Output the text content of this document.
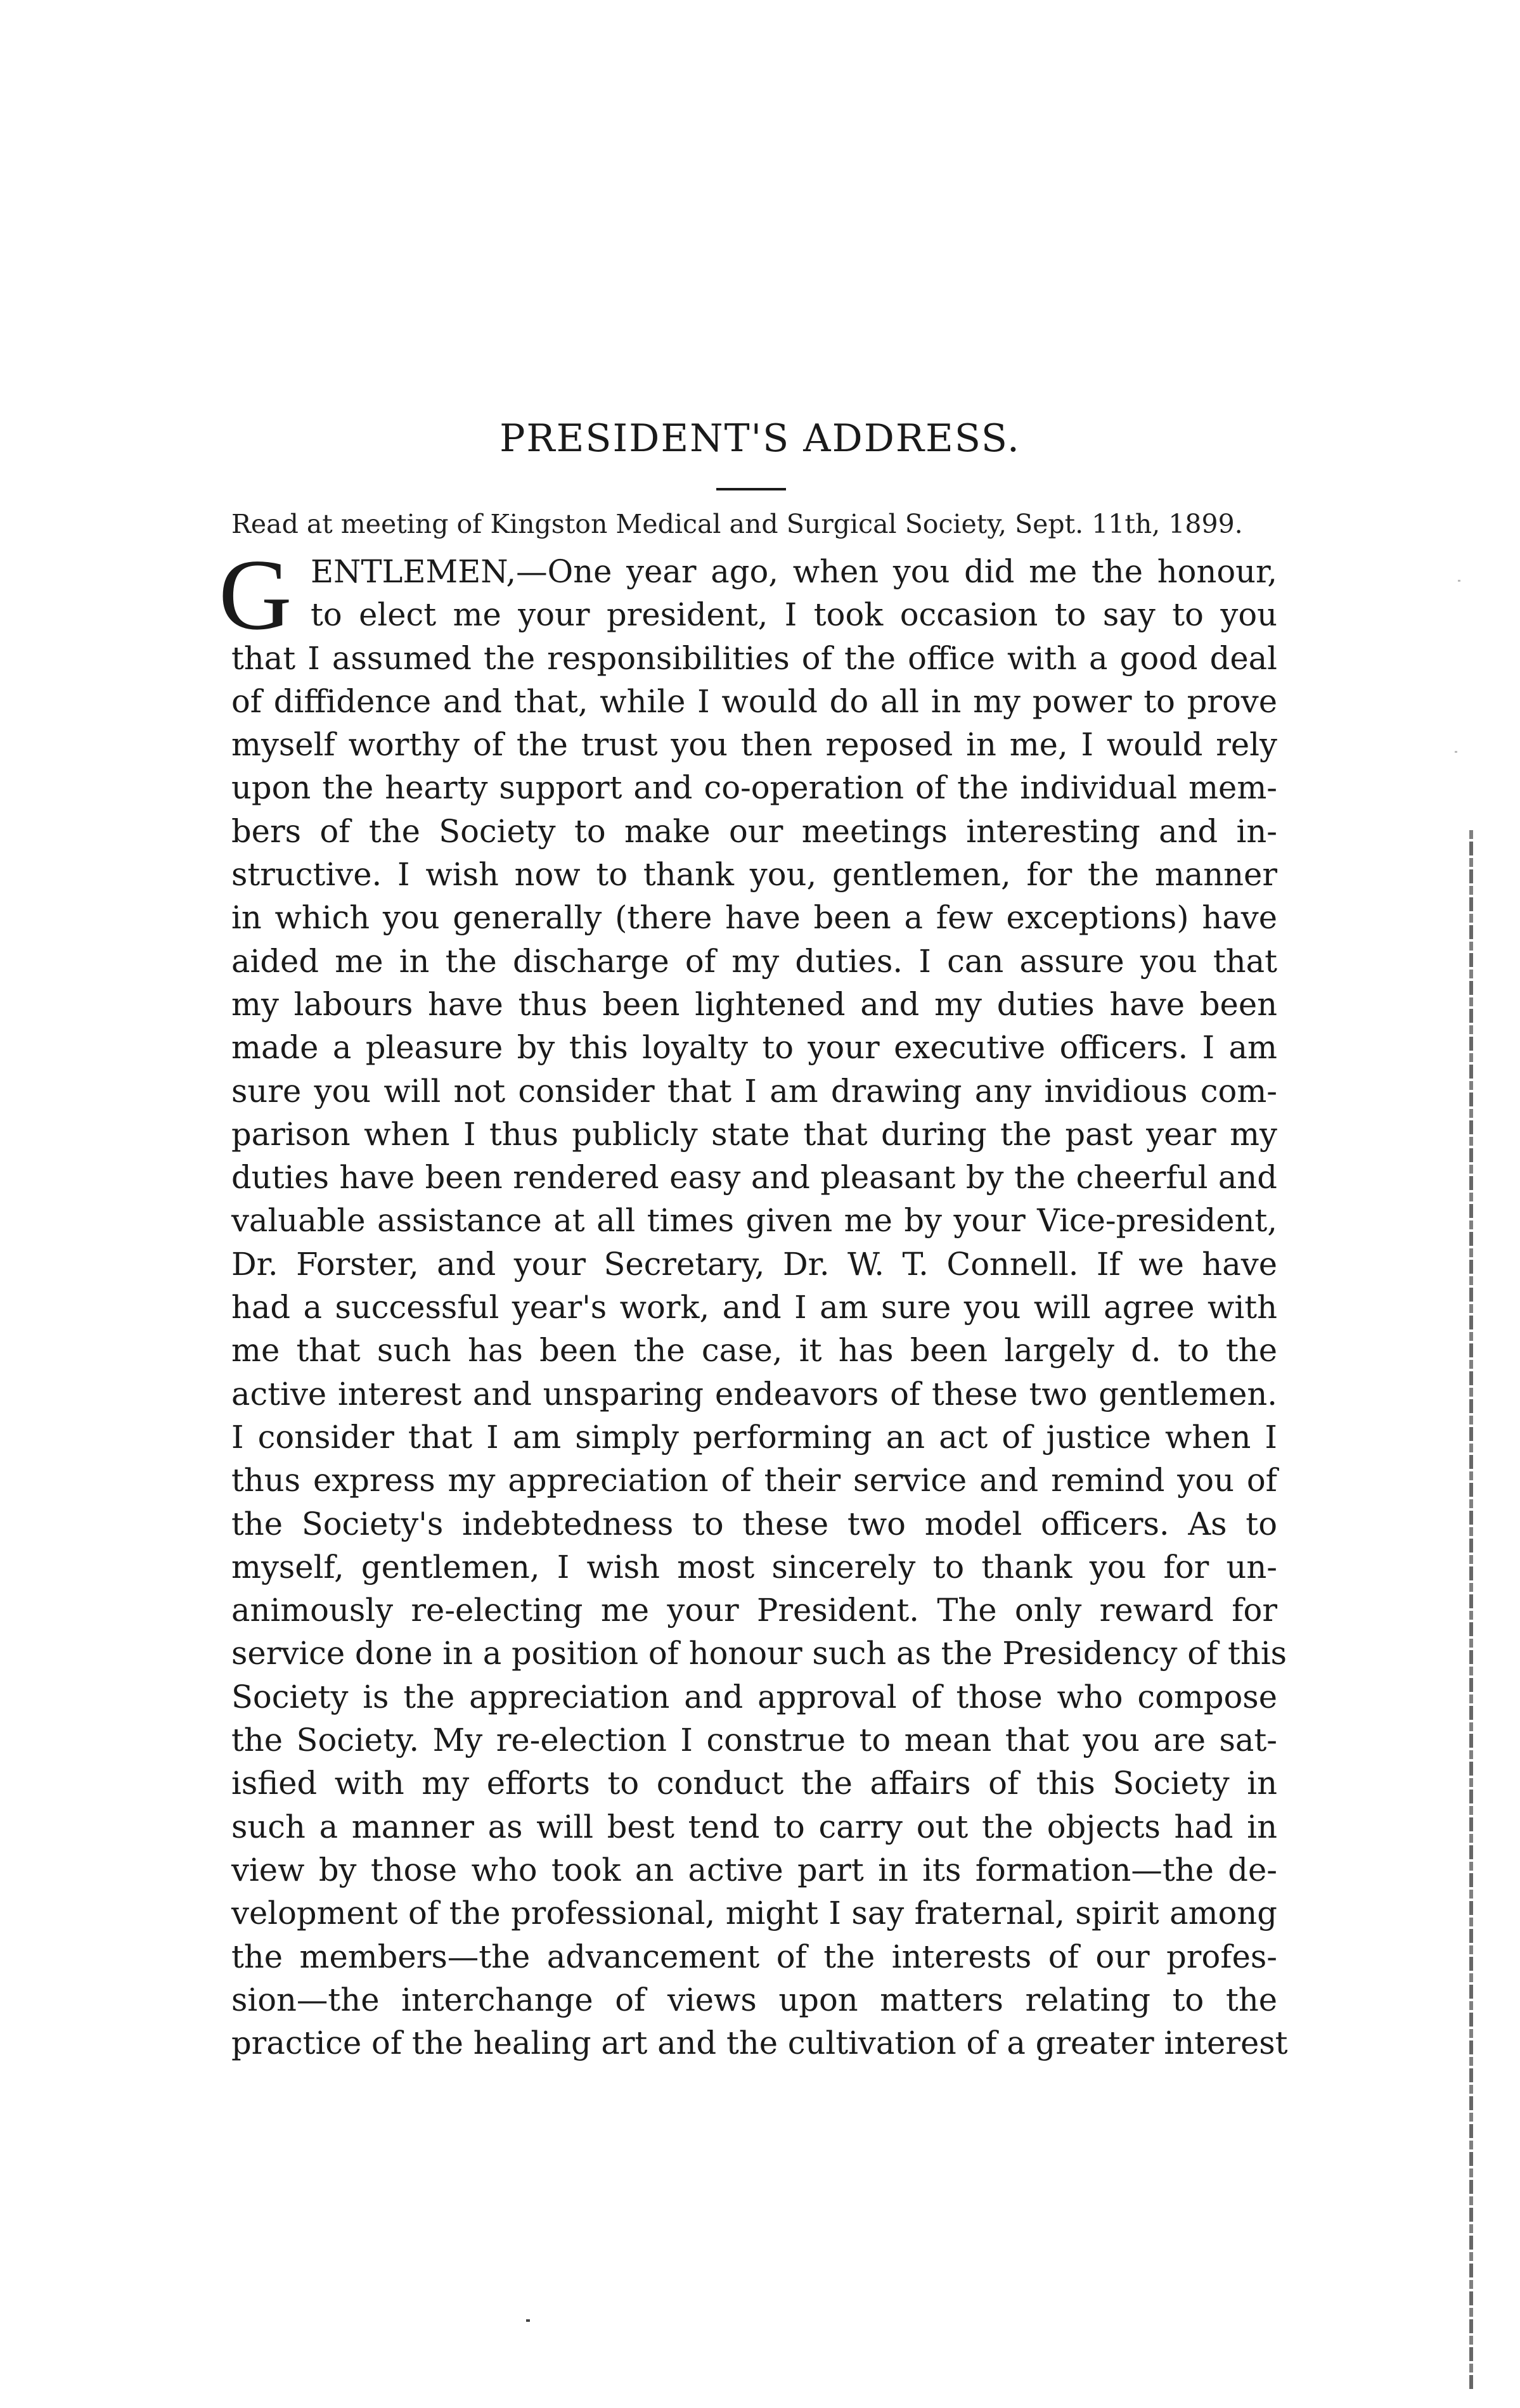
PRESIDENT'S ADDRESS.
Read at meeting of Kingston Medical and Surgical Society, Sept. 11th, 1899.
G ENTLEMEN,—One year ago, when you did me the honour,
to elect me your president, I took occasion to say to you
that I assumed the responsibilities of the office with a good deal
of diffidence and that, while I would do all in my power to prove
myself worthy of the trust you then reposed in me, I would rely
upon the hearty support and co-operation of the individual mem-
bers of the Society to make our meetings interesting and in-
structive. I wish now to thank you, gentlemen, for the manner
in which you generally (there have been a few exceptions) have
aided me in the discharge of my duties. I can assure you that
my labours have thus been lightened and my duties have been
made a pleasure by this loyalty to your executive officers. I am
sure you will not consider that I am drawing any invidious com-
parison when I thus publicly state that during the past year my
duties have been rendered easy and pleasant by the cheerful and
valuable assistance at all times given me by your Vice-president,
Dr. Forster, and your Secretary, Dr. W. T. Connell. If we have
had a successful year's work, and I am sure you will agree with
me that such has been the case, it has been largely d. to the
active interest and unsparing endeavors of these two gentlemen.
I consider that I am simply performing an act of justice when I
thus express my appreciation of their service and remind you of
the Society's indebtedness to these two model officers. As to
myself, gentlemen, I wish most sincerely to thank you for un-
animously re-electing me your President. The only reward for
service done in a position of honour such as the Presidency of this
Society is the appreciation and approval of those who compose
the Society. My re-election I construe to mean that you are sat-
isfied with my efforts to conduct the affairs of this Society in
such a manner as will best tend to carry out the objects had in
view by those who took an active part in its formation—the de-
velopment of the professional, might I say fraternal, spirit among
the members—the advancement of the interests of our profes-
sion—the interchange of views upon matters relating to the
practice of the healing art and the cultivation of a greater interest
